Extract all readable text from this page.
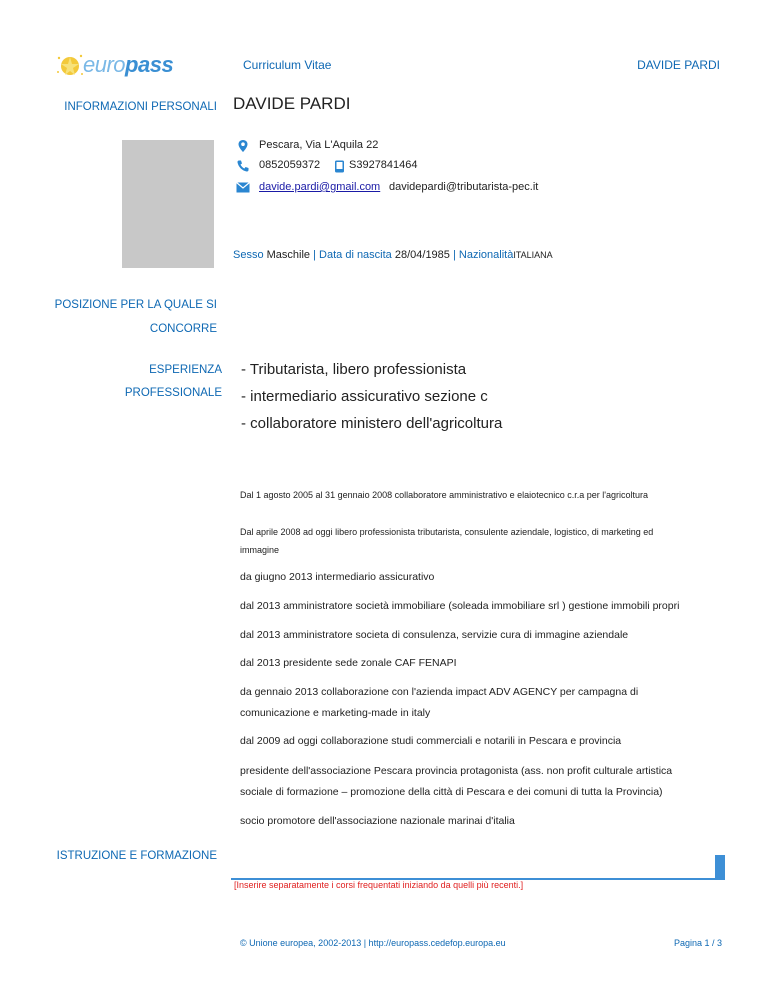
europass	Curriculum Vitae	DAVIDE PARDI
INFORMAZIONI PERSONALI DAVIDE PARDI
Pescara, Via L'Aquila 22
0852059372	S3927841464
davide.pardi@gmail.com davidepardi@tributarista-pec.it
Sesso Maschile | Data di nascita 28/04/1985 | NazionalitàITALIANA
POSIZIONE PER LA QUALE SI
CONCORRE
ESPERIENZA
PROFESSIONALE
- Tributarista, libero professionista
- intermediario assicurativo sezione c
- collaboratore ministero dell'agricoltura
Dal 1 agosto 2005 al 31 gennaio 2008 collaboratore amministrativo e elaiotecnico c.r.a per l'agricoltura
Dal aprile 2008 ad oggi libero professionista tributarista, consulente aziendale, logistico, di marketing ed
immagine
da giugno 2013 intermediario assicurativo
dal 2013 amministratore società immobiliare (soleada immobiliare srl ) gestione immobili propri
dal 2013 amministratore societa di consulenza, servizie cura di immagine aziendale
dal 2013 presidente sede zonale CAF FENAPI
da gennaio 2013 collaborazione con l'azienda impact ADV AGENCY per campagna di
comunicazione e marketing-made in italy
dal 2009 ad oggi collaborazione studi commerciali e notarili in Pescara e provincia
presidente dell'associazione Pescara provincia protagonista (ass. non profit culturale artistica
sociale di formazione – promozione della città di Pescara e dei comuni di tutta la Provincia)
socio promotore dell'associazione nazionale marinai d'italia
ISTRUZIONE E FORMAZIONE
[Inserire separatamente i corsi frequentati iniziando da quelli più recenti.]
© Unione europea, 2002-2013 | http://europass.cedefop.europa.eu	Pagina 1 / 3
